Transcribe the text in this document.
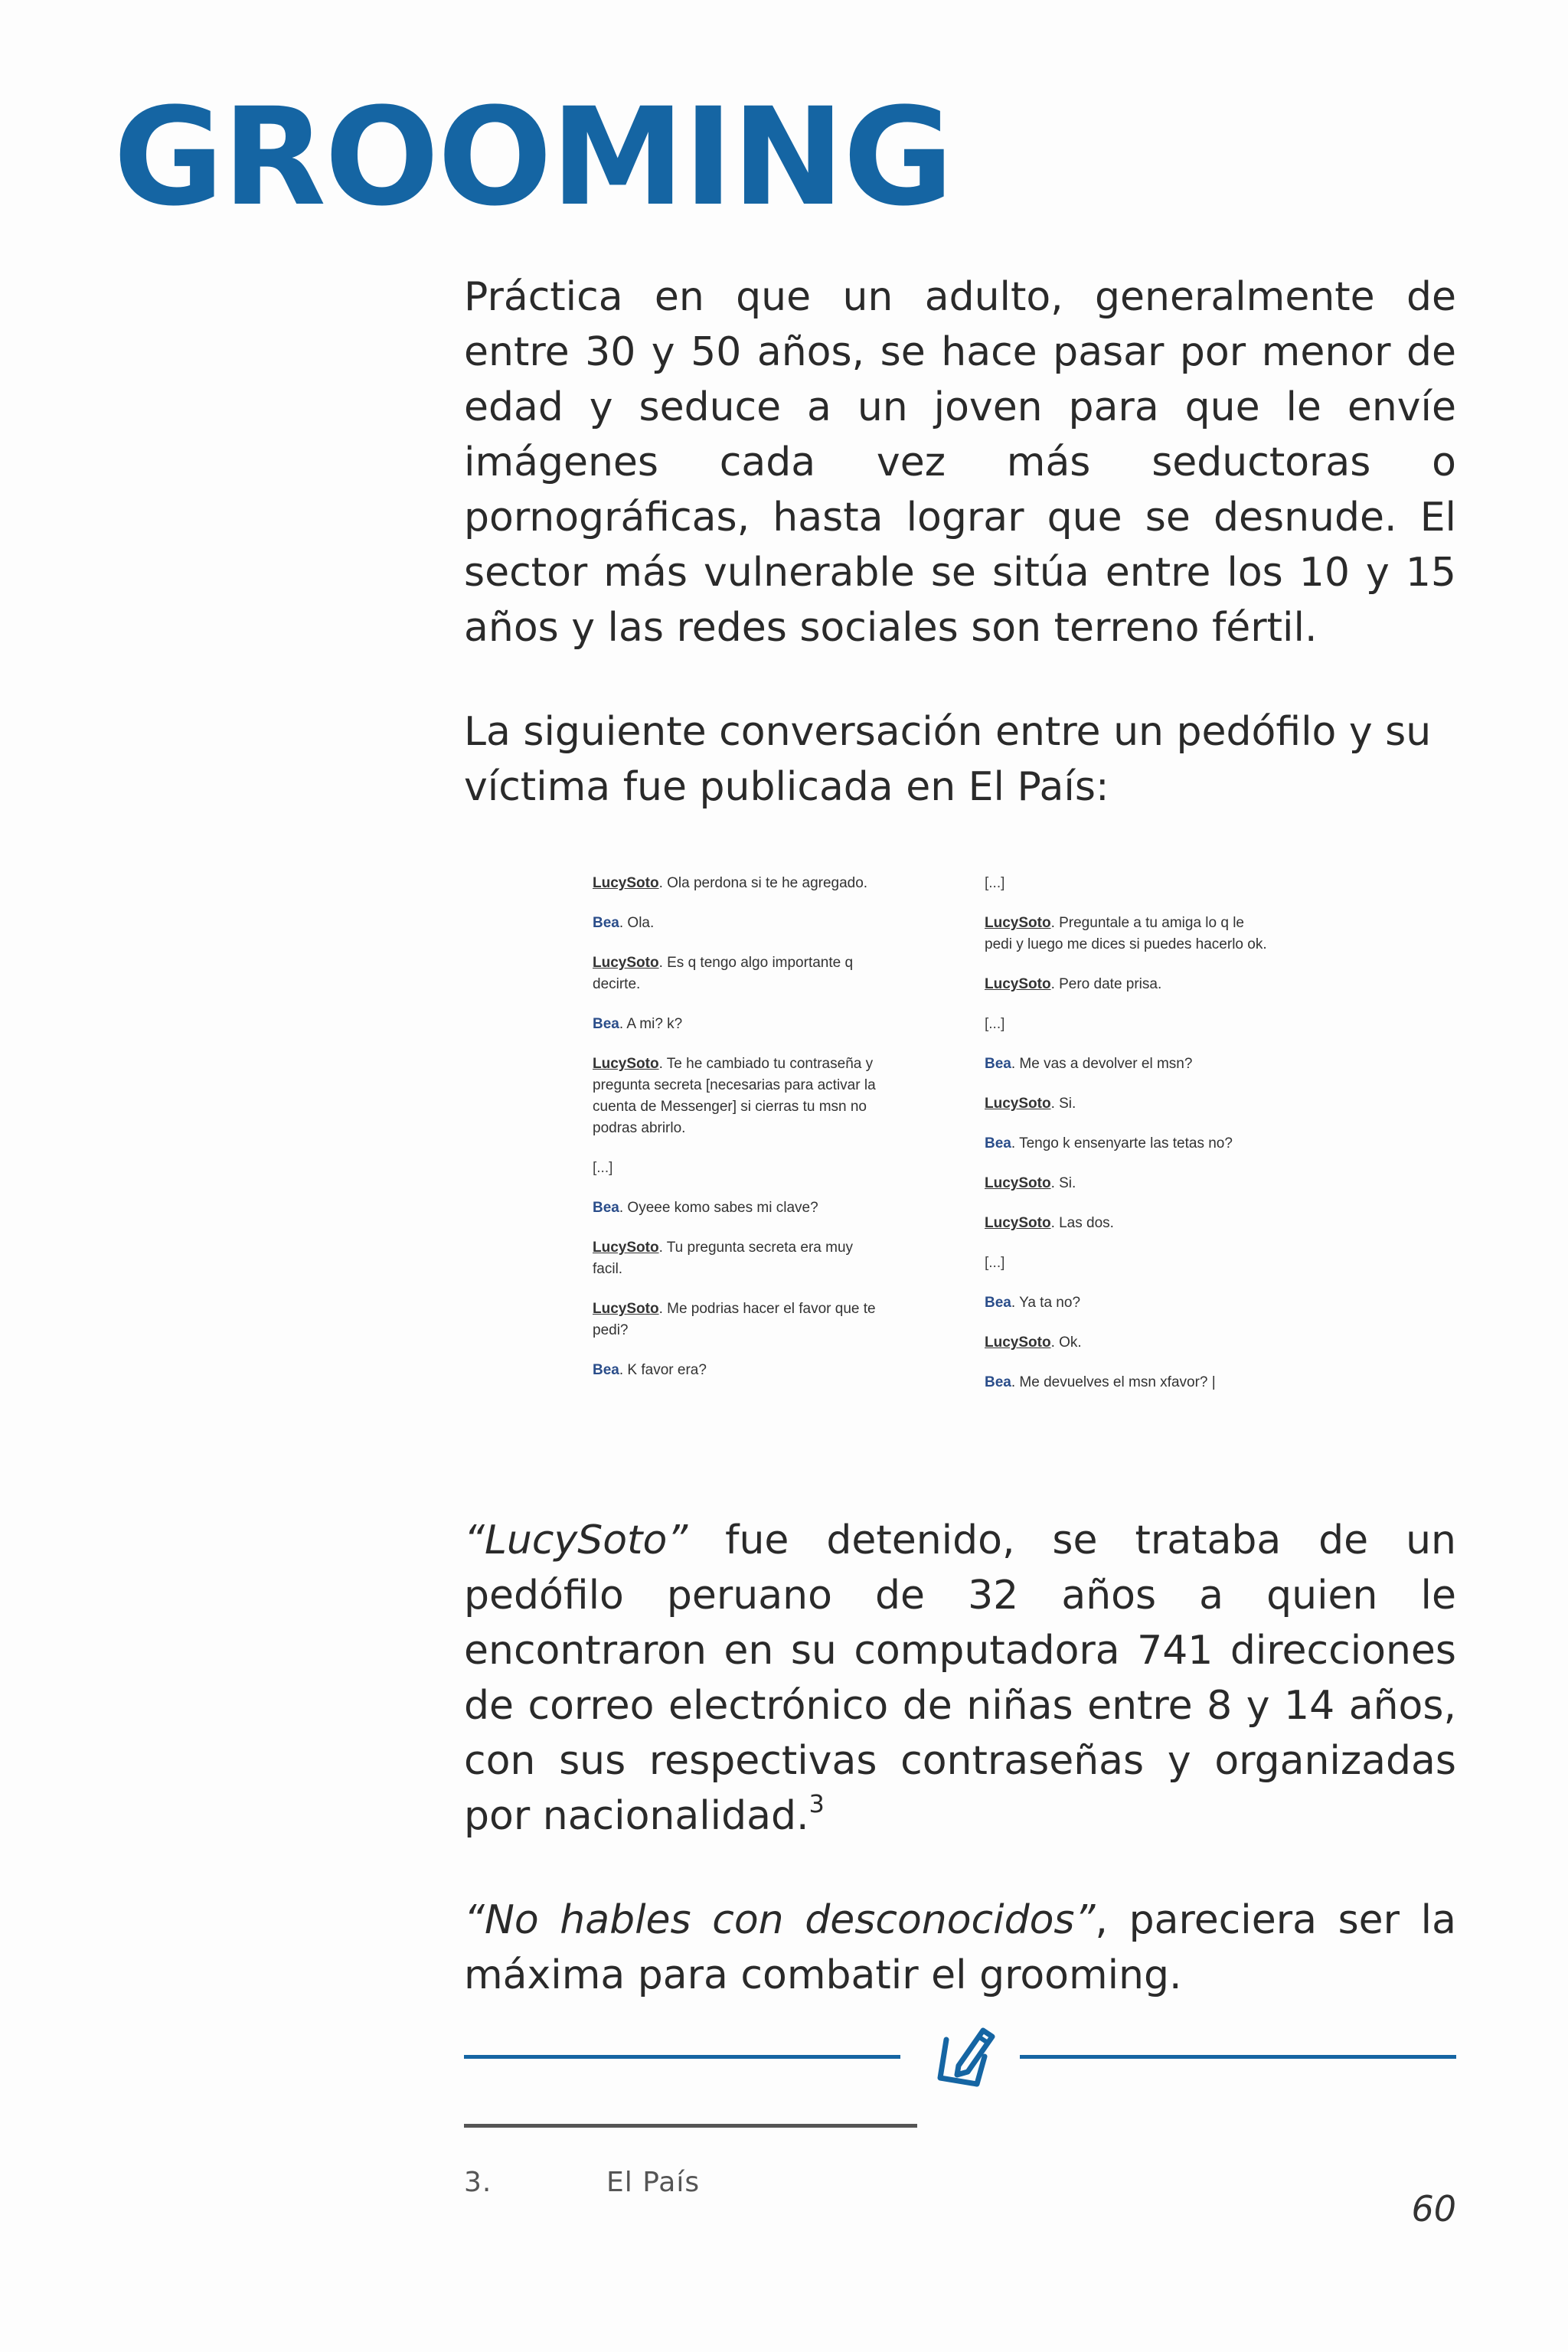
GROOMING

Práctica en que un adulto, generalmente de entre 30 y 50 años, se hace pasar por menor de edad y seduce a un joven para que le envíe imágenes cada vez más seductoras o pornográficas, hasta lograr que se desnude. El sector más vulnerable se sitúa entre los 10 y 15 años y las redes sociales son terreno fértil.

La siguiente conversación entre un pedófilo y su víctima fue publicada en El País:

LucySoto. Ola perdona si te he agregado.
Bea. Ola.
LucySoto. Es q tengo algo importante q decirte.
Bea. A mi? k?
LucySoto. Te he cambiado tu contraseña y pregunta secreta [necesarias para activar la cuenta de Messenger] si cierras tu msn no podras abrirlo.
[...]
Bea. Oyeee komo sabes mi clave?
LucySoto. Tu pregunta secreta era muy facil.
LucySoto. Me podrias hacer el favor que te pedi?
Bea. K favor era?
[...]
LucySoto. Preguntale a tu amiga lo q le pedi y luego me dices si puedes hacerlo ok.
LucySoto. Pero date prisa.
[...]
Bea. Me vas a devolver el msn?
LucySoto. Si.
Bea. Tengo k ensenyarte las tetas no?
LucySoto. Si.
LucySoto. Las dos.
[...]
Bea. Ya ta no?
LucySoto. Ok.
Bea. Me devuelves el msn xfavor? |

“LucySoto” fue detenido, se trataba de un pedófilo peruano de 32 años a quien le encontraron en su computadora 741 direcciones de correo electrónico de niñas entre 8 y 14 años, con sus respectivas contraseñas y organizadas por nacionalidad.$^3$

“No hables con desconocidos”, pareciera ser la máxima para combatir el grooming.

3.	El País
60
